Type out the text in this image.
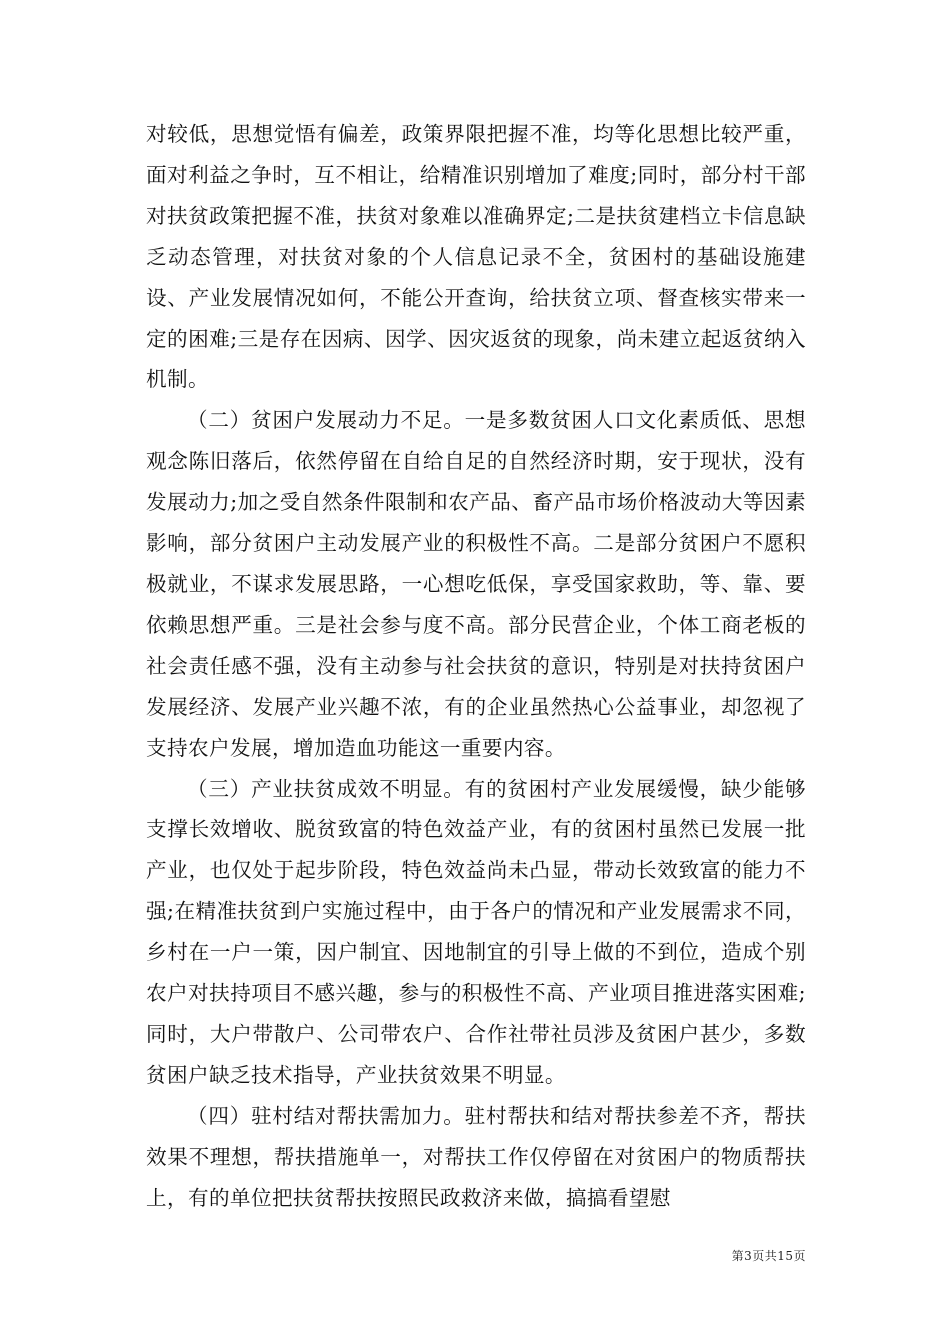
对较低，思想觉悟有偏差，政策界限把握不准，均等化思想比较严重，面对利益之争时，互不相让，给精准识别增加了难度;同时，部分村干部对扶贫政策把握不准，扶贫对象难以准确界定;二是扶贫建档立卡信息缺乏动态管理，对扶贫对象的个人信息记录不全，贫困村的基础设施建设、产业发展情况如何，不能公开查询，给扶贫立项、督查核实带来一定的困难;三是存在因病、因学、因灾返贫的现象，尚未建立起返贫纳入机制。

（二）贫困户发展动力不足。一是多数贫困人口文化素质低、思想观念陈旧落后，依然停留在自给自足的自然经济时期，安于现状，没有发展动力;加之受自然条件限制和农产品、畜产品市场价格波动大等因素影响，部分贫困户主动发展产业的积极性不高。二是部分贫困户不愿积极就业，不谋求发展思路，一心想吃低保，享受国家救助，等、靠、要依赖思想严重。三是社会参与度不高。部分民营企业，个体工商老板的社会责任感不强，没有主动参与社会扶贫的意识，特别是对扶持贫困户发展经济、发展产业兴趣不浓，有的企业虽然热心公益事业，却忽视了支持农户发展，增加造血功能这一重要内容。

（三）产业扶贫成效不明显。有的贫困村产业发展缓慢，缺少能够支撑长效增收、脱贫致富的特色效益产业，有的贫困村虽然已发展一批产业，也仅处于起步阶段，特色效益尚未凸显，带动长效致富的能力不强;在精准扶贫到户实施过程中，由于各户的情况和产业发展需求不同，乡村在一户一策，因户制宜、因地制宜的引导上做的不到位，造成个别农户对扶持项目不感兴趣，参与的积极性不高、产业项目推进落实困难;同时，大户带散户、公司带农户、合作社带社员涉及贫困户甚少，多数贫困户缺乏技术指导，产业扶贫效果不明显。

（四）驻村结对帮扶需加力。驻村帮扶和结对帮扶参差不齐，帮扶效果不理想，帮扶措施单一，对帮扶工作仅停留在对贫困户的物质帮扶上，有的单位把扶贫帮扶按照民政救济来做，搞搞看望慰

第3页共15页
